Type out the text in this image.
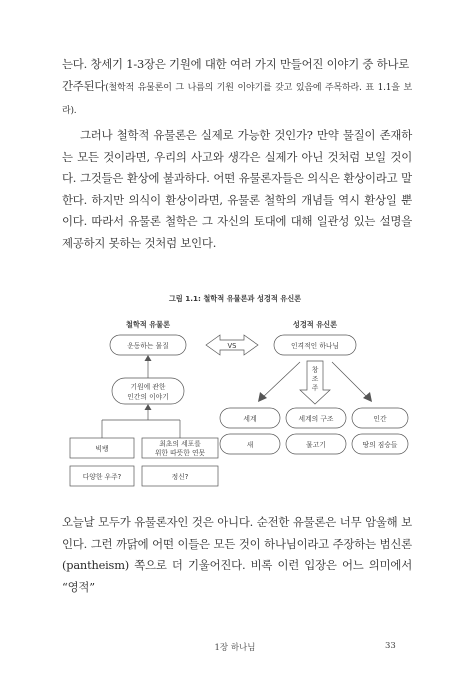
는다. 창세기 1-3장은 기원에 대한 여러 가지 만들어진 이야기 중 하나로
간주된다(철학적 유물론이 그 나름의 기원 이야기를 갖고 있음에 주목하라. 표 1.1을 보라).

그러나 철학적 유물론은 실제로 가능한 것인가? 만약 물질이 존재하는 모든 것이라면, 우리의 사고와 생각은 실제가 아닌 것처럼 보일 것이다. 그것들은 환상에 불과하다. 어떤 유물론자들은 의식은 환상이라고 말한다. 하지만 의식이 환상이라면, 유물론 철학의 개념들 역시 환상일 뿐이다. 따라서 유물론 철학은 그 자신의 토대에 대해 일관성 있는 설명을 제공하지 못하는 것처럼 보인다.

그림 1.1: 철학적 유물론과 성경적 유신론
철학적 유물론	성경적 유신론
운동하는 물질	VS	인격적인 하나님
기원에 관한
인간의 이야기
빅뱅
최초의 세포를
위한 따뜻한 연못
다양한 우주?	정신?
창
조
주
세계	세계의 구조	인간
새	물고기	땅의 짐승들

오늘날 모두가 유물론자인 것은 아니다. 순전한 유물론은 너무 암울해 보인다. 그런 까닭에 어떤 이들은 모든 것이 하나님이라고 주장하는 범신론(pantheism) 쪽으로 더 기울어진다. 비록 이런 입장은 어느 의미에서 “영적”

1장 하나님	33
